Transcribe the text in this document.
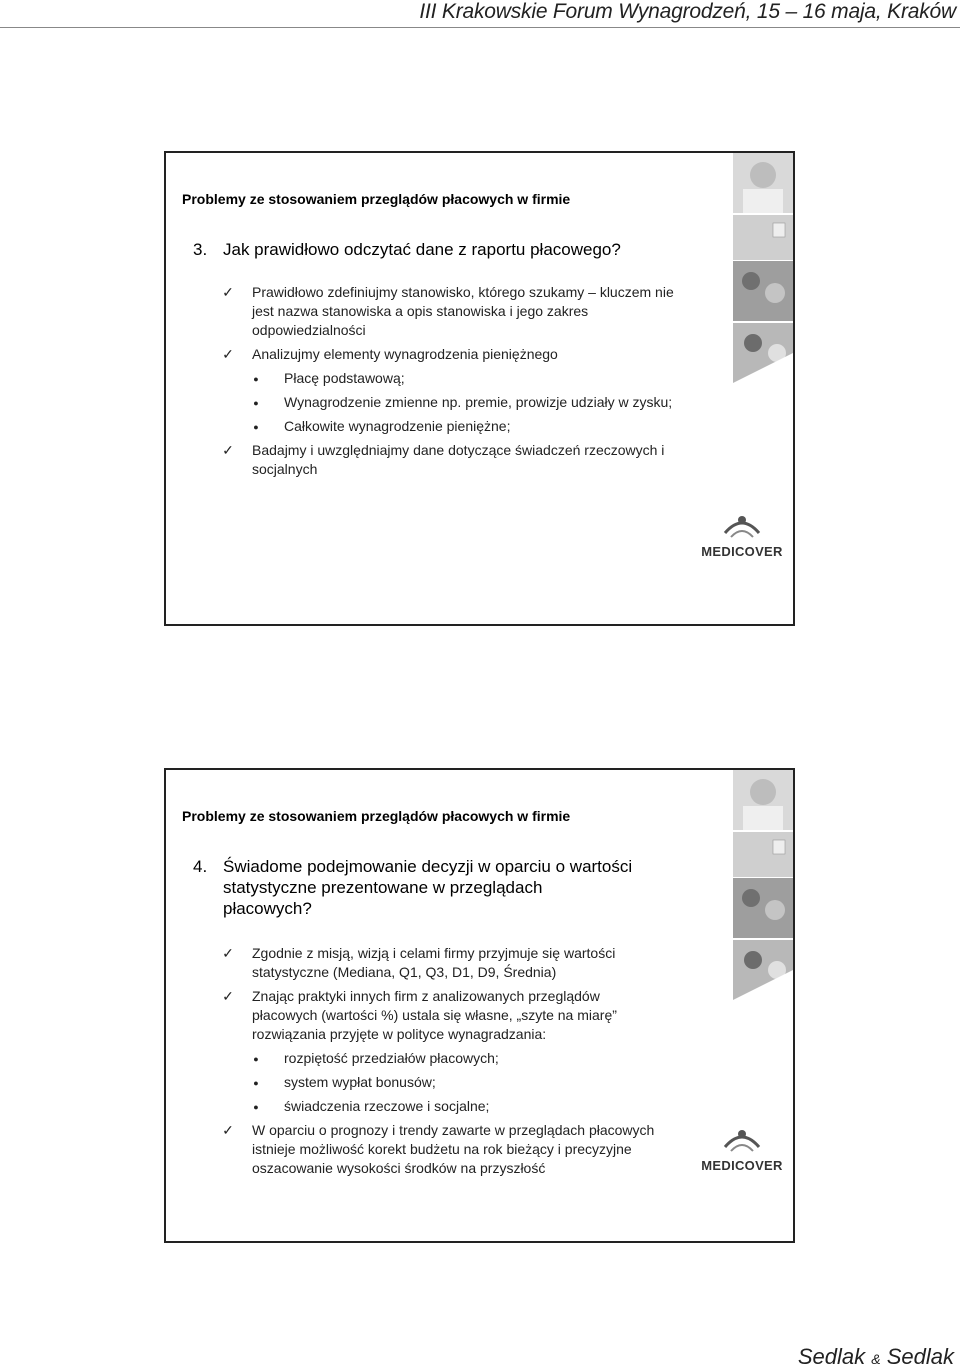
III Krakowskie Forum Wynagrodzeń, 15 – 16 maja, Kraków
Problemy ze stosowaniem przeglądów płacowych w firmie
3. Jak prawidłowo odczytać dane z raportu płacowego?
✓ Prawidłowo zdefiniujmy stanowisko, którego szukamy – kluczem nie jest nazwa stanowiska a opis stanowiska i jego zakres odpowiedzialności
✓ Analizujmy elementy wynagrodzenia pieniężnego
●	Płacę podstawową;
●	Wynagrodzenie zmienne np. premie, prowizje udziały w zysku;
●	Całkowite wynagrodzenie pieniężne;
✓ Badajmy i uwzględniajmy dane dotyczące świadczeń rzeczowych i socjalnych
MEDICOVER
Problemy ze stosowaniem przeglądów płacowych w firmie
4. Świadome podejmowanie decyzji w oparciu o wartości statystyczne prezentowane w przeglądach płacowych?
✓ Zgodnie z misją, wizją i celami firmy przyjmuje się wartości statystyczne (Mediana, Q1, Q3, D1, D9, Średnia)
✓ Znając praktyki innych firm z analizowanych przeglądów płacowych (wartości %) ustala się własne, „szyte na miarę” rozwiązania przyjęte w polityce wynagradzania:
●	rozpiętość przedziałów płacowych;
●	system wypłat bonusów;
●	świadczenia rzeczowe i socjalne;
✓ W oparciu o prognozy i trendy zawarte w przeglądach płacowych istnieje możliwość korekt budżetu na rok bieżący i precyzyjne oszacowanie wysokości środków na przyszłość	MEDICOVER
Sedlak & Sedlak
